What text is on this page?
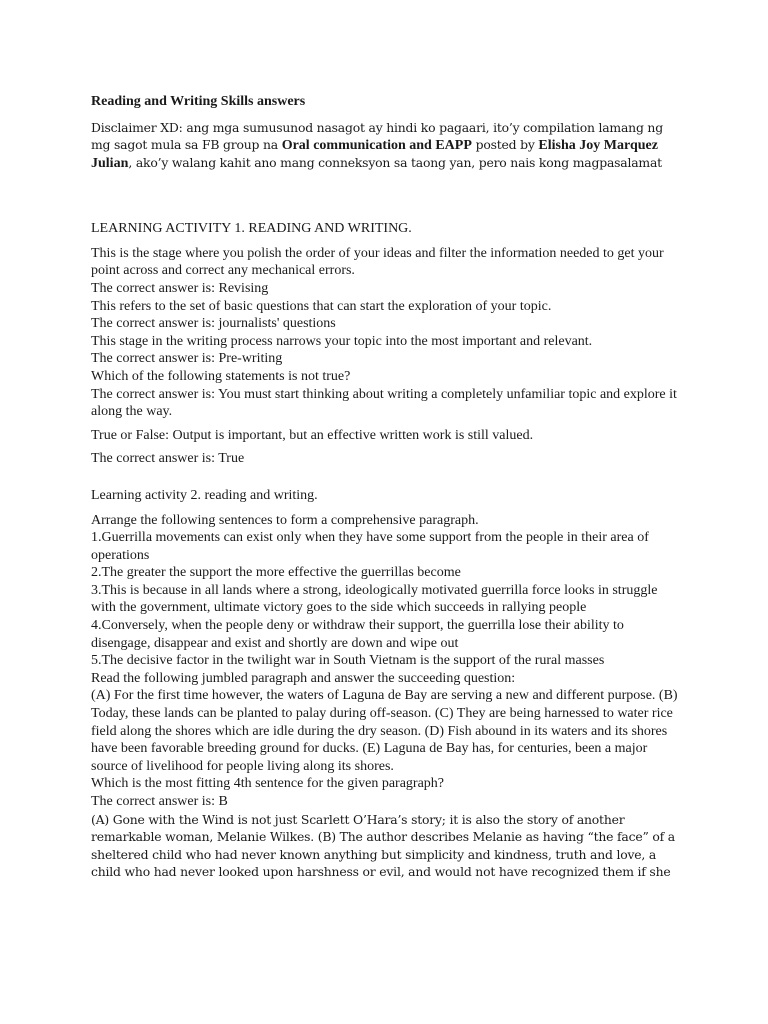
Reading and Writing Skills answers

Disclaimer XD: ang mga sumusunod nasagot ay hindi ko pagaari, ito’y compilation lamang ng mg sagot mula sa FB group na Oral communication and EAPP posted by Elisha Joy Marquez Julian, ako’y walang kahit ano mang conneksyon sa taong yan, pero nais kong magpasalamat

LEARNING ACTIVITY 1. READING AND WRITING.

This is the stage where you polish the order of your ideas and filter the information needed to get your point across and correct any mechanical errors.

The correct answer is: Revising

This refers to the set of basic questions that can start the exploration of your topic.

The correct answer is: journalists' questions

This stage in the writing process narrows your topic into the most important and relevant.

The correct answer is: Pre-writing

Which of the following statements is not true?

The correct answer is: You must start thinking about writing a completely unfamiliar topic and explore it along the way.

True or False: Output is important, but an effective written work is still valued.

The correct answer is: True

Learning activity 2. reading and writing.

Arrange the following sentences to form a comprehensive paragraph.

1.Guerrilla movements can exist only when they have some support from the people in their area of operations

2.The greater the support the more effective the guerrillas become

3.This is because in all lands where a strong, ideologically motivated guerrilla force looks in struggle with the government, ultimate victory goes to the side which succeeds in rallying people

4.Conversely, when the people deny or withdraw their support, the guerrilla lose their ability to disengage, disappear and exist and shortly are down and wipe out

5.The decisive factor in the twilight war in South Vietnam is the support of the rural masses

Read the following jumbled paragraph and answer the succeeding question:

(A) For the first time however, the waters of Laguna de Bay are serving a new and different purpose. (B) Today, these lands can be planted to palay during off-season. (C) They are being harnessed to water rice field along the shores which are idle during the dry season. (D) Fish abound in its waters and its shores have been favorable breeding ground for ducks. (E) Laguna de Bay has, for centuries, been a major source of livelihood for people living along its shores.

Which is the most fitting 4th sentence for the given paragraph?

The correct answer is: B

(A) Gone with the Wind is not just Scarlett O’Hara’s story; it is also the story of another remarkable woman, Melanie Wilkes. (B) The author describes Melanie as having “the face” of a sheltered child who had never known anything but simplicity and kindness, truth and love, a child who had never looked upon harshness or evil, and would not have recognized them if she
